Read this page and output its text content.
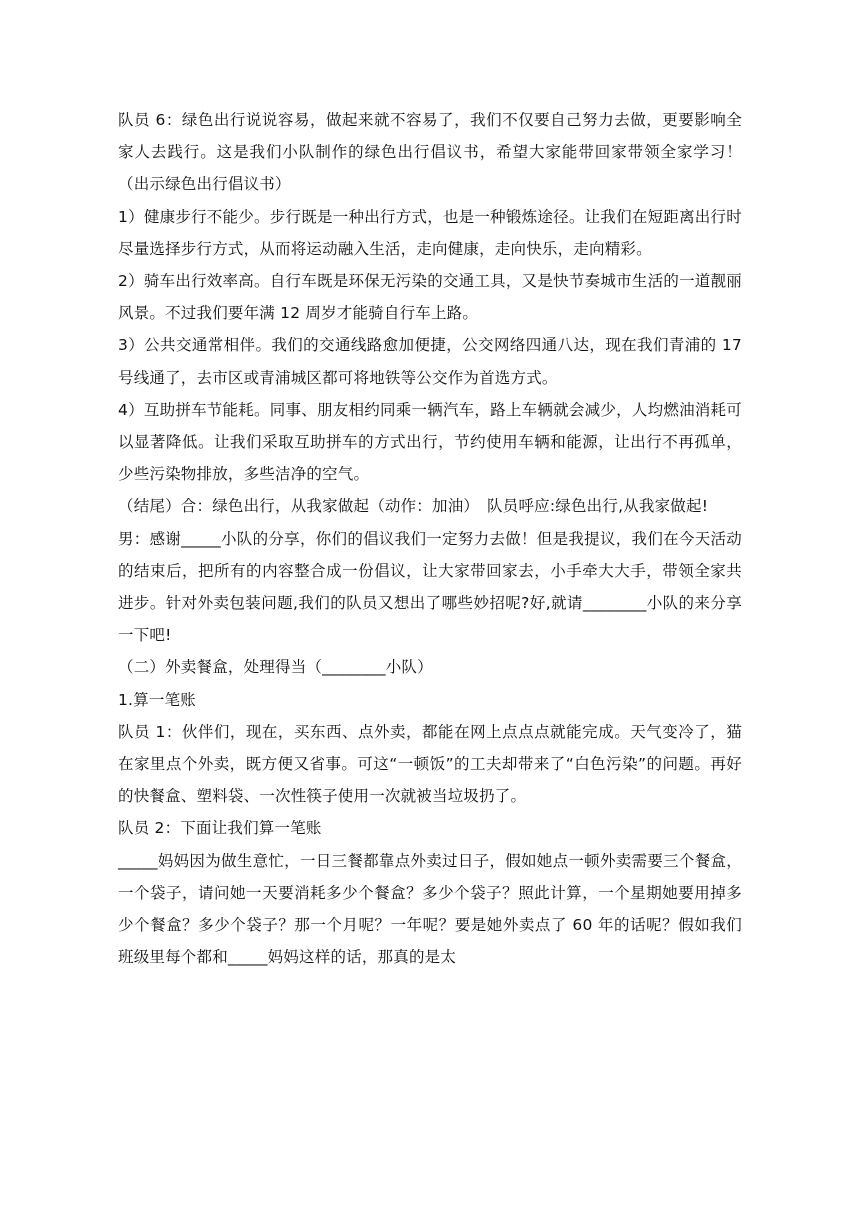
队员 6：绿色出行说说容易，做起来就不容易了，我们不仅要自己努力去做，更要影响全家人去践行。这是我们小队制作的绿色出行倡议书，希望大家能带回家带领全家学习！（出示绿色出行倡议书）

1）健康步行不能少。步行既是一种出行方式，也是一种锻炼途径。让我们在短距离出行时尽量选择步行方式，从而将运动融入生活，走向健康，走向快乐，走向精彩。

2）骑车出行效率高。自行车既是环保无污染的交通工具，又是快节奏城市生活的一道靓丽风景。不过我们要年满 12 周岁才能骑自行车上路。

3）公共交通常相伴。我们的交通线路愈加便捷，公交网络四通八达，现在我们青浦的 17 号线通了，去市区或青浦城区都可将地铁等公交作为首选方式。

4）互助拼车节能耗。同事、朋友相约同乘一辆汽车，路上车辆就会减少，人均燃油消耗可以显著降低。让我们采取互助拼车的方式出行，节约使用车辆和能源，让出行不再孤单，少些污染物排放，多些洁净的空气。

（结尾）合：绿色出行，从我家做起（动作：加油）　队员呼应:绿色出行,从我家做起!

男：感谢_____小队的分享，你们的倡议我们一定努力去做！但是我提议，我们在今天活动的结束后，把所有的内容整合成一份倡议，让大家带回家去，小手牵大大手，带领全家共进步。针对外卖包装问题,我们的队员又想出了哪些妙招呢?好,就请________小队的来分享一下吧!

（二）外卖餐盒，处理得当（________小队）

1.算一笔账

队员 1：伙伴们，现在，买东西、点外卖，都能在网上点点点就能完成。天气变冷了，猫在家里点个外卖，既方便又省事。可这“一顿饭”的工夫却带来了“白色污染”的问题。再好的快餐盒、塑料袋、一次性筷子使用一次就被当垃圾扔了。

队员 2：下面让我们算一笔账

_____妈妈因为做生意忙，一日三餐都靠点外卖过日子，假如她点一顿外卖需要三个餐盒，一个袋子，请问她一天要消耗多少个餐盒？多少个袋子？照此计算，一个星期她要用掉多少个餐盒？多少个袋子？那一个月呢？一年呢？要是她外卖点了 60 年的话呢？假如我们班级里每个都和_____妈妈这样的话，那真的是太
